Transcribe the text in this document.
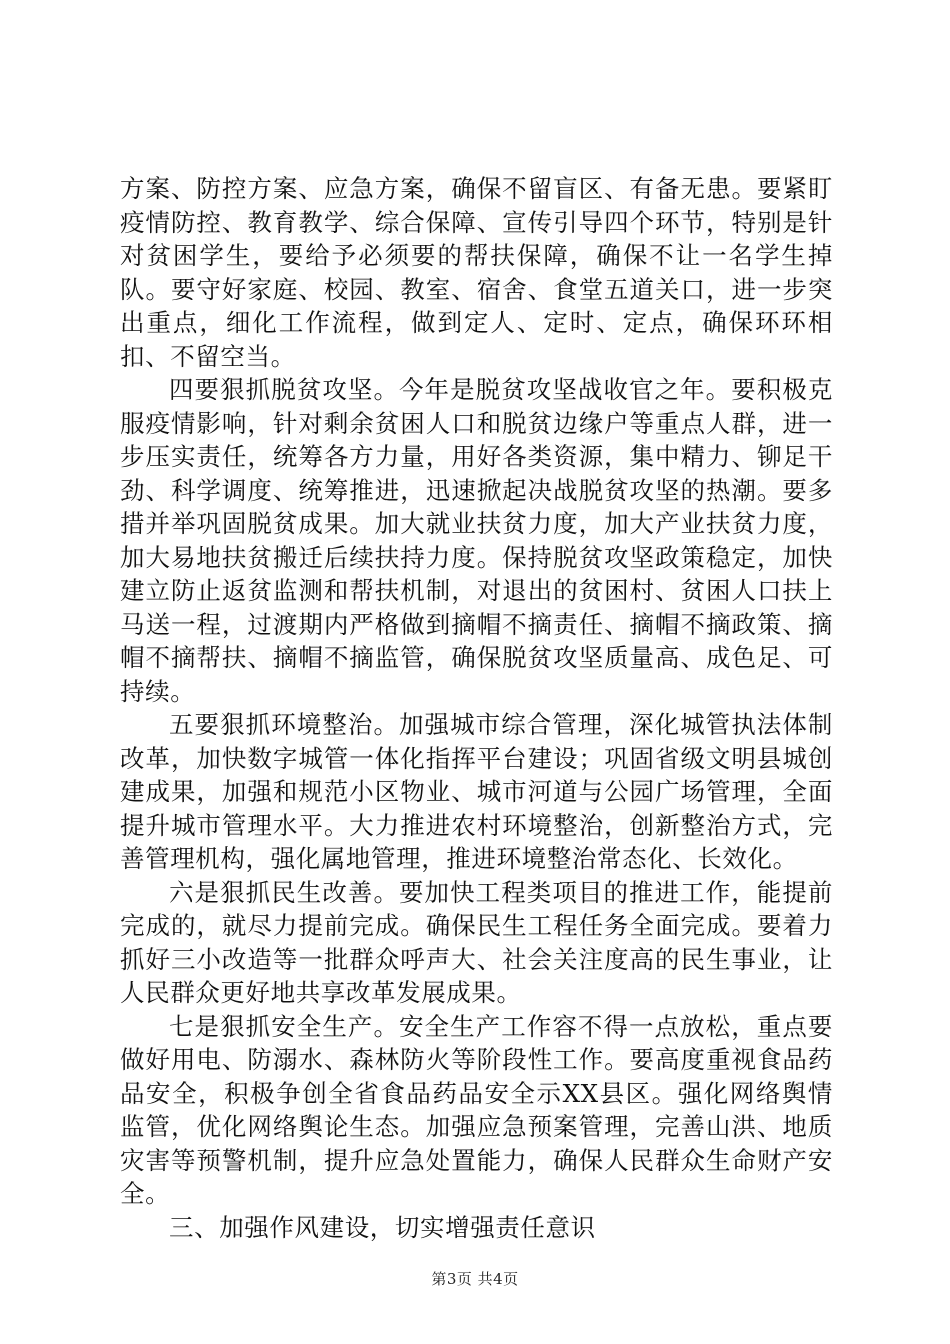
方案、防控方案、应急方案，确保不留盲区、有备无患。要紧盯疫情防控、教育教学、综合保障、宣传引导四个环节，特别是针对贫困学生，要给予必须要的帮扶保障，确保不让一名学生掉队。要守好家庭、校园、教室、宿舍、食堂五道关口，进一步突出重点，细化工作流程，做到定人、定时、定点，确保环环相扣、不留空当。

四要狠抓脱贫攻坚。今年是脱贫攻坚战收官之年。要积极克服疫情影响，针对剩余贫困人口和脱贫边缘户等重点人群，进一步压实责任，统筹各方力量，用好各类资源，集中精力、铆足干劲、科学调度、统筹推进，迅速掀起决战脱贫攻坚的热潮。要多措并举巩固脱贫成果。加大就业扶贫力度，加大产业扶贫力度，加大易地扶贫搬迁后续扶持力度。保持脱贫攻坚政策稳定，加快建立防止返贫监测和帮扶机制，对退出的贫困村、贫困人口扶上马送一程，过渡期内严格做到摘帽不摘责任、摘帽不摘政策、摘帽不摘帮扶、摘帽不摘监管，确保脱贫攻坚质量高、成色足、可持续。

五要狠抓环境整治。加强城市综合管理，深化城管执法体制改革，加快数字城管一体化指挥平台建设；巩固省级文明县城创建成果，加强和规范小区物业、城市河道与公园广场管理，全面提升城市管理水平。大力推进农村环境整治，创新整治方式，完善管理机构，强化属地管理，推进环境整治常态化、长效化。

六是狠抓民生改善。要加快工程类项目的推进工作，能提前完成的，就尽力提前完成。确保民生工程任务全面完成。要着力抓好三小改造等一批群众呼声大、社会关注度高的民生事业，让人民群众更好地共享改革发展成果。

七是狠抓安全生产。安全生产工作容不得一点放松，重点要做好用电、防溺水、森林防火等阶段性工作。要高度重视食品药品安全，积极争创全省食品药品安全示XX县区。强化网络舆情监管，优化网络舆论生态。加强应急预案管理，完善山洪、地质灾害等预警机制，提升应急处置能力，确保人民群众生命财产安全。

三、加强作风建设，切实增强责任意识

第3页 共4页
